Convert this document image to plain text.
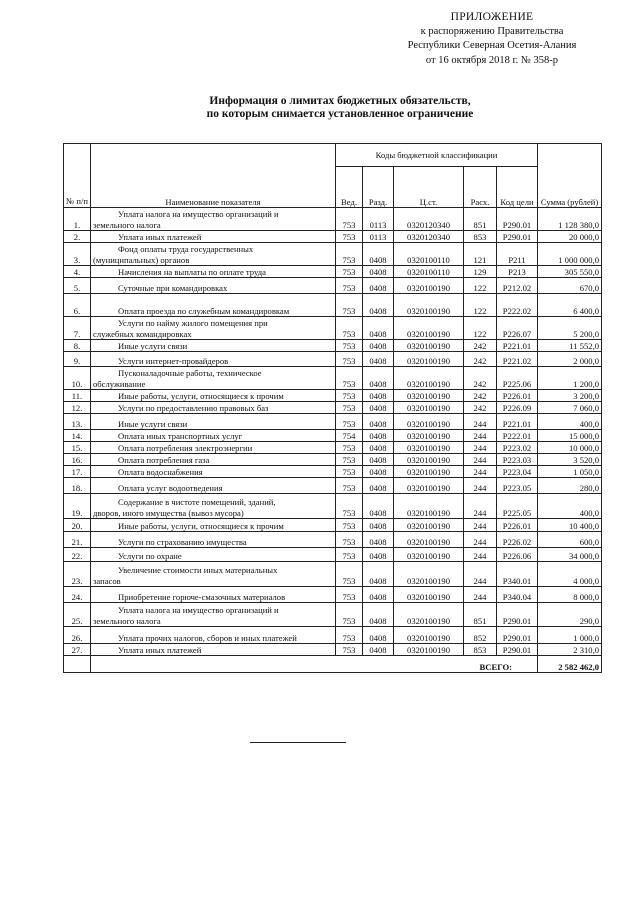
ПРИЛОЖЕНИЕ
к распоряжению Правительства
Республики Северная Осетия-Алания
от 16 октября 2018 г. № 358-р
Информация о лимитах бюджетных обязательств,
по которым снимается установленное ограничение
№ п/п	Наименование показателя	Коды бюджетной классификации					Сумма (рублей)
		Вед.	Разд.	Ц.ст.	Расх.	Код цели	
1.	Уплата налога на имущество организаций и
земельного налога	753	0113	0320120340	851	P290.01	1 128 380,0
2.	Уплата иных платежей	753	0113	0320120340	853	P290.01	20 000,0
3.	Фонд оплаты труда государственных
(муниципальных) органов	753	0408	0320100110	121	P211	1 000 000,0
4.	Начисления на выплаты по оплате труда	753	0408	0320100110	129	P213	305 550,0
5.	Суточные при командировках	753	0408	0320100190	122	P212.02	670,0
6.	Оплата проезда по служебным командировкам	753	0408	0320100190	122	P222.02	6 400,0
7.	Услуги по найму жилого помещения при
служебных командировках	753	0408	0320100190	122	P226.07	5 200,0
8.	Иные услуги связи	753	0408	0320100190	242	P221.01	11 552,0
9.	Услуги интернет-провайдеров	753	0408	0320100190	242	P221.02	2 000,0
10.	Пусконаладочные работы, техническое
обслуживание	753	0408	0320100190	242	P225.06	1 200,0
11.	Иные работы, услуги, относящиеся к прочим	753	0408	0320100190	242	P226.01	3 200,0
12.	Услуги по предоставлению правовых баз	753	0408	0320100190	242	P226.09	7 060,0
13.	Иные услуги связи	753	0408	0320100190	244	P221.01	400,0
14.	Оплата иных транспортных услуг	754	0408	0320100190	244	P222.01	15 000,0
15.	Оплата потребления электроэнергии	753	0408	0320100190	244	P223.02	10 000,0
16.	Оплата потребления газа	753	0408	0320100190	244	P223.03	3 520,0
17.	Оплата водоснабжения	753	0408	0320100190	244	P223.04	1 050,0
18.	Оплата услуг водоотведения	753	0408	0320100190	244	P223.05	280,0
19.	Содержание в чистоте помещений, зданий,
дворов, иного имущества (вывоз мусора)	753	0408	0320100190	244	P225.05	400,0
20.	Иные работы, услуги, относящиеся к прочим	753	0408	0320100190	244	P226.01	10 400,0
21.	Услуги по страхованию имущества	753	0408	0320100190	244	P226.02	600,0
22.	Услуги по охране	753	0408	0320100190	244	P226.06	34 000,0
23.	Увеличение стоимости иных материальных
запасов	753	0408	0320100190	244	P340.01	4 000,0
24.	Приобретение горюче-смазочных материалов	753	0408	0320100190	244	P340.04	8 000,0
25.	Уплата налога на имущество организаций и
земельного налога	753	0408	0320100190	851	P290.01	290,0
26.	Уплата прочих налогов, сборов и иных платежей	753	0408	0320100190	852	P290.01	1 000,0
27.	Уплата иных платежей	753	0408	0320100190	853	P290.01	2 310,0
	ВСЕГО:						2 582 462,0
